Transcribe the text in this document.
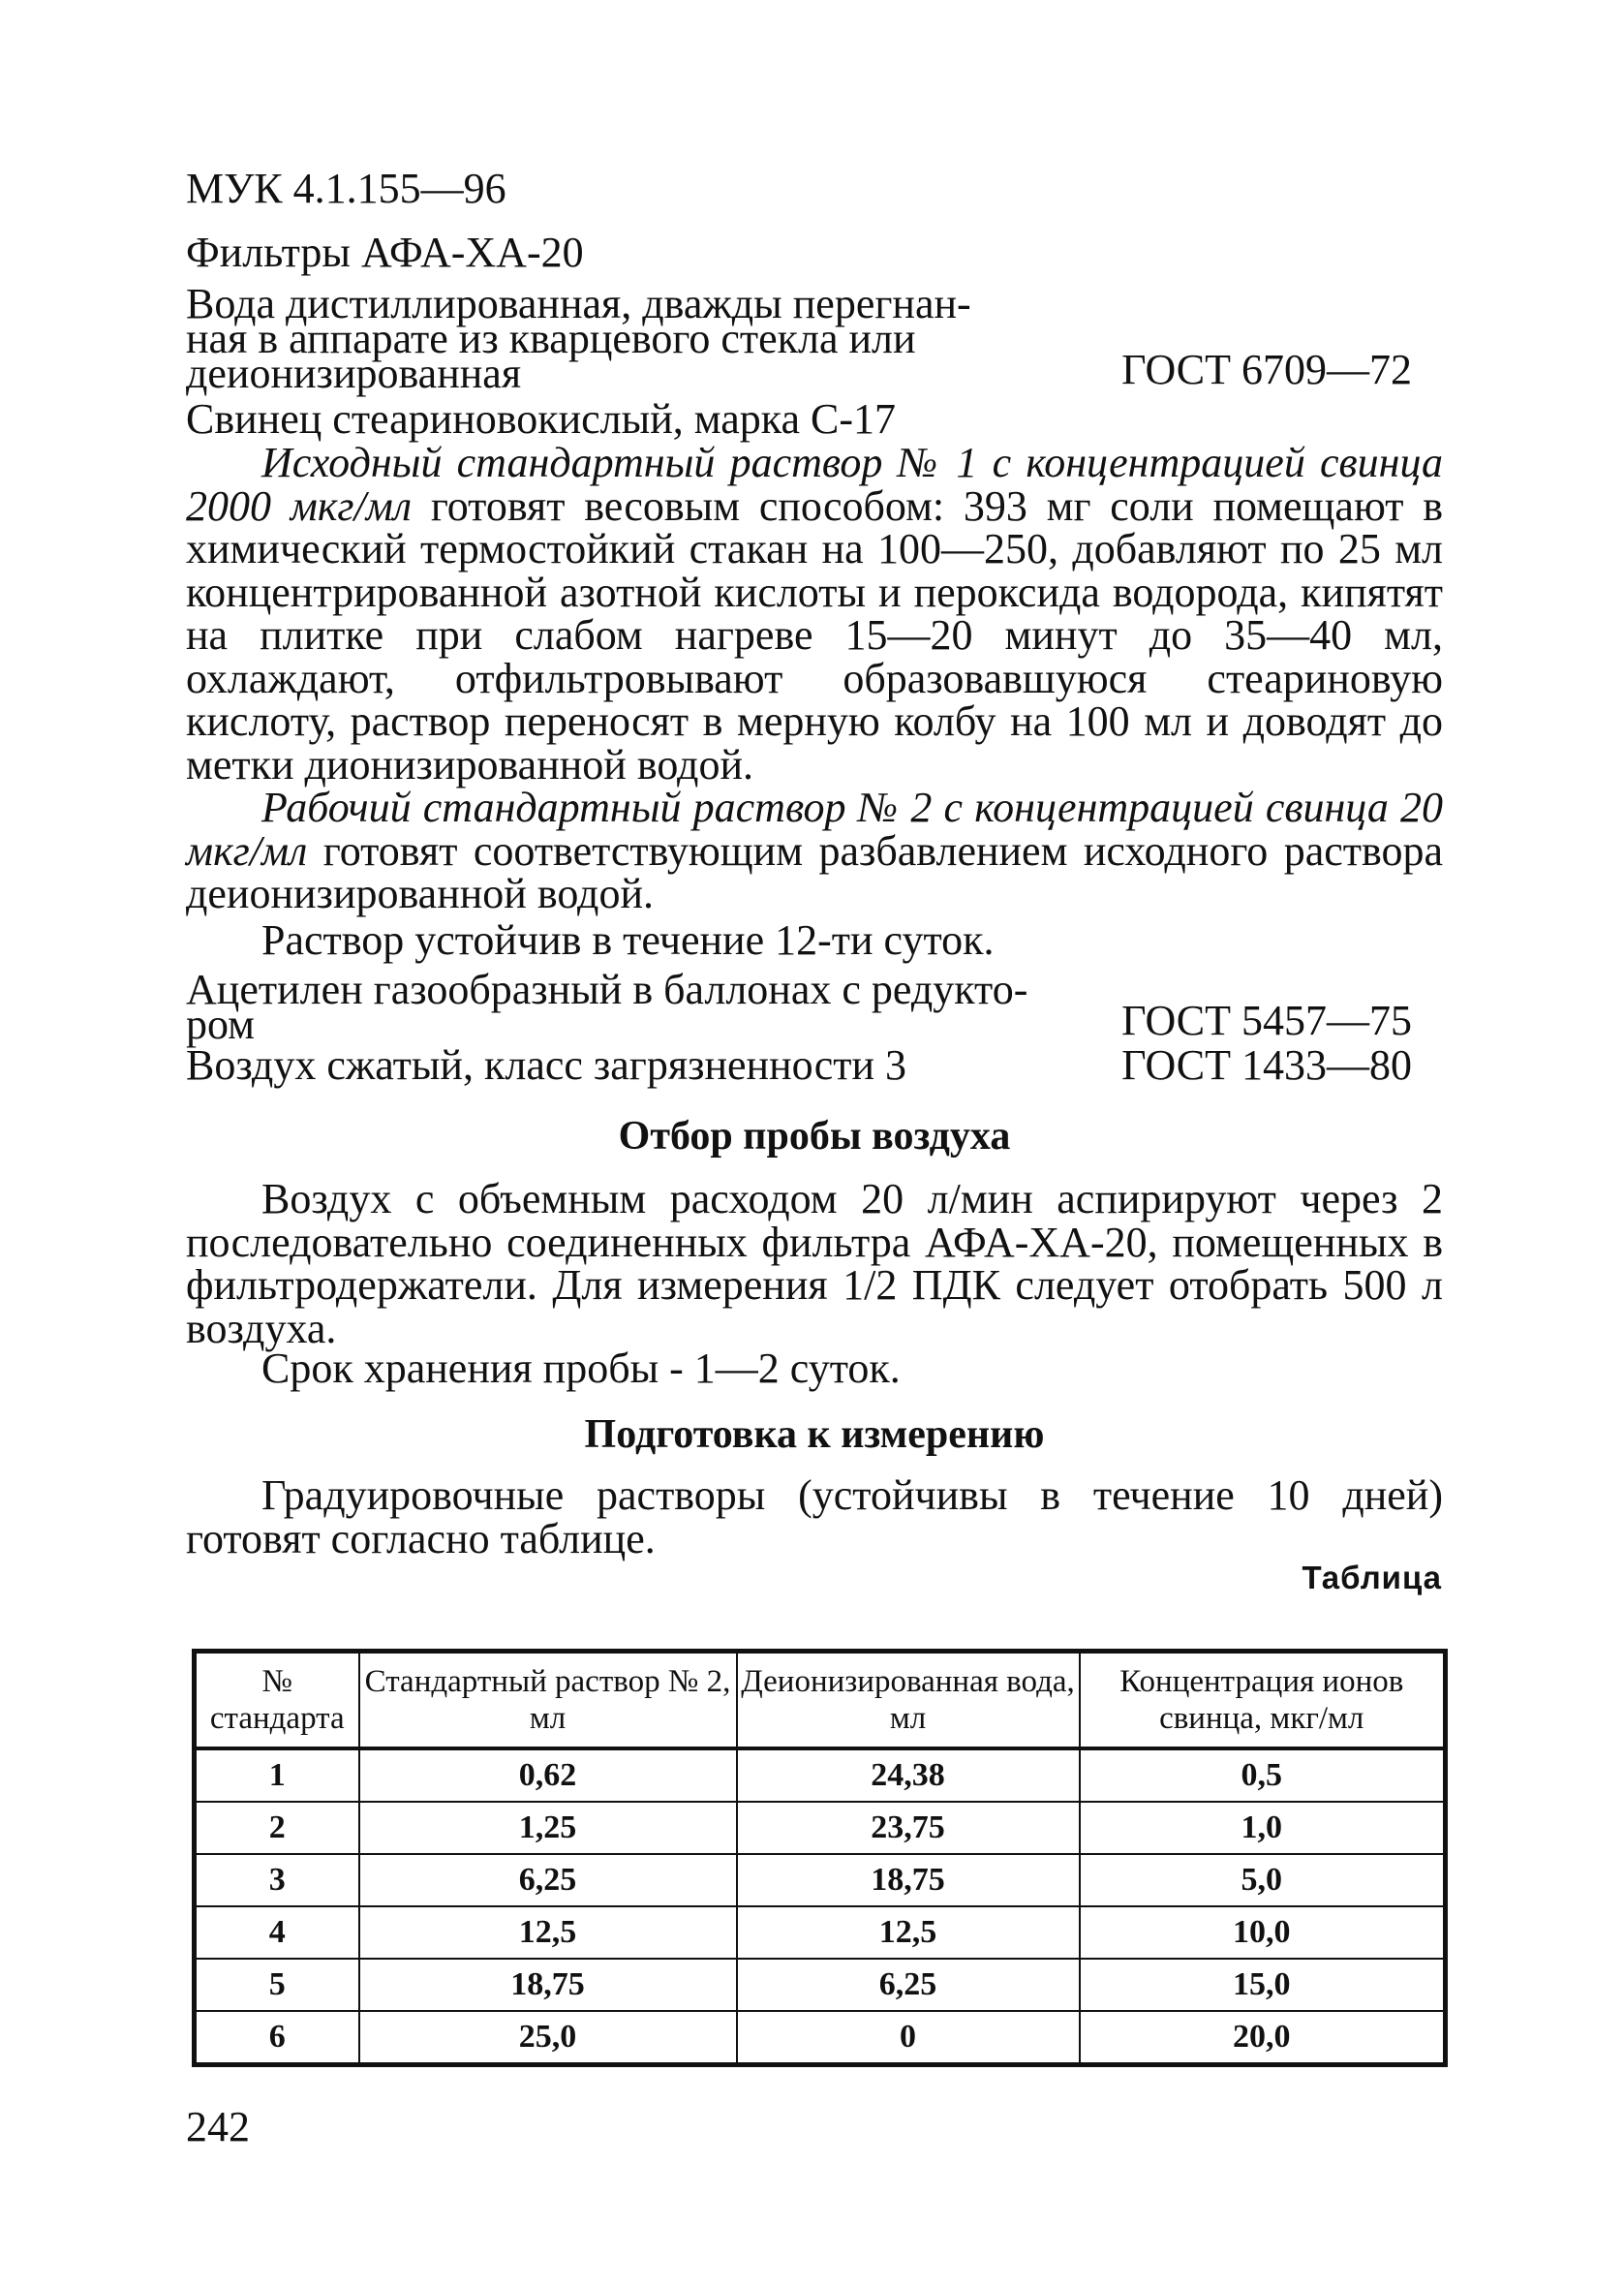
МУК 4.1.155—96
Фильтры АФА-ХА-20
Вода дистиллированная, дважды перегнан-
ная в аппарате из кварцевого стекла или
деионизированная	ГОСТ 6709—72
Свинец стеариновокислый, марка С-17
Исходный стандартный раствор № 1 с концентрацией свинца 2000 мкг/мл готовят весовым способом: 393 мг соли помещают в химический термостойкий стакан на 100—250, добавляют по 25 мл концентрированной азотной кислоты и пероксида водорода, кипятят на плитке при слабом нагреве 15—20 минут до 35—40 мл, охлаждают, отфильтровывают образовавшуюся стеариновую кислоту, раствор переносят в мерную колбу на 100 мл и доводят до метки дионизированной водой.
Рабочий стандартный раствор № 2 с концентрацией свинца 20 мкг/мл готовят соответствующим разбавлением исходного раствора деионизированной водой.
Раствор устойчив в течение 12-ти суток.
Ацетилен газообразный в баллонах с редукто-
ром	ГОСТ 5457—75
Воздух сжатый, класс загрязненности 3	ГОСТ 1433—80
Отбор пробы воздуха
Воздух с объемным расходом 20 л/мин аспирируют через 2 последовательно соединенных фильтра АФА-ХА-20, помещенных в фильтродержатели. Для измерения 1/2 ПДК следует отобрать 500 л воздуха.
Срок хранения пробы - 1—2 суток.
Подготовка к измерению
Градуировочные растворы (устойчивы в течение 10 дней) готовят согласно таблице.
Таблица
№ стандарта	Стандартный раствор № 2, мл	Деионизированная вода, мл	Концентрация ионов свинца, мкг/мл
1	0,62	24,38	0,5
2	1,25	23,75	1,0
3	6,25	18,75	5,0
4	12,5	12,5	10,0
5	18,75	6,25	15,0
6	25,0	0	20,0
242
